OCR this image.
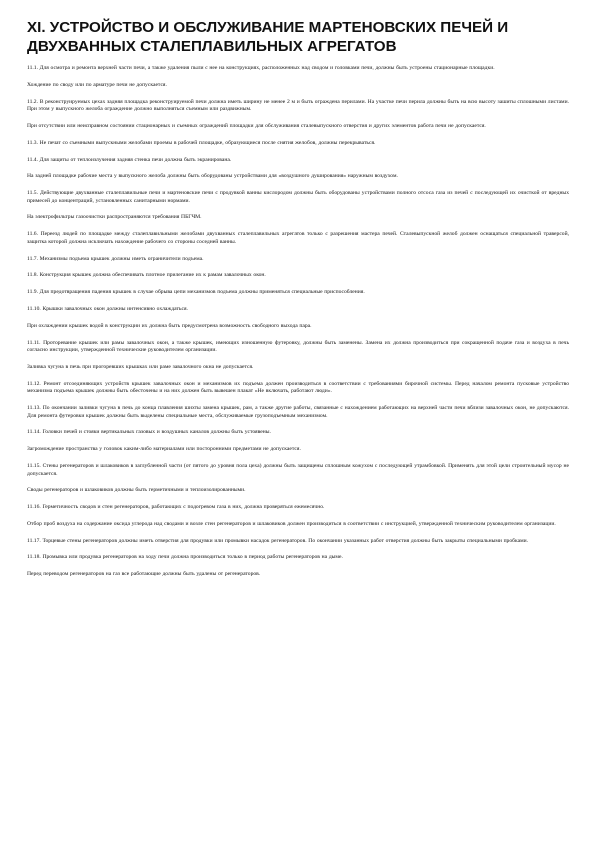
XI. УСТРОЙСТВО И ОБСЛУЖИВАНИЕ МАРТЕНОВСКИХ ПЕЧЕЙ И ДВУХВАННЫХ СТАЛЕПЛАВИЛЬНЫХ АГРЕГАТОВ

11.1. Для осмотра и ремонта верхней части печи, а также удаления пыли с нее на конструкциях, расположенных над сводом и головками печи, должны быть устроены стационарные площадки.

Хождение по своду или по арматуре печи не допускается.

11.2. В реконструируемых цехах задняя площадка реконструируемой печи должна иметь ширину не менее 2 м и быть ограждена перилами. На участке печи перила должны быть на всю высоту зашиты сплошными листами. При этом у выпускного желоба ограждение должно выполняться съемным или раздвижным.

При отсутствии или неисправном состоянии стационарных и съемных ограждений площадки для обслуживания сталевыпускного отверстия и других элементов работа печи не допускается.

11.3. Не печат со съемными выпускными желобами проемы в рабочей площадке, образующиеся после снятия желобов, должны перекрываться.

11.4. Для защиты от теплоизлучения задняя стенка печи должна быть экранирована.

На задней площадке рабочие места у выпускного желоба должны быть оборудованы устройствами для «воздушного душирования» наружным воздухом.

11.5. Действующие двухванные сталеплавильные печи и мартеновские печи с продувкой ванны кислородом должны быть оборудованы устройствами полного отсоса газа из печей с последующей их очисткой от вредных примесей до концентраций, установленных санитарными нормами.

На электрофильтры газоочистки распространяются требования ПБГЧМ.

11.6. Переезд людей по площадке между сталеплавильными желобами двухванных сталеплавильных агрегатов только с разрешения мастера печей. Сталевыпускной желоб должен оснащаться специальной траверсой, защитка которой должна исключать нахождение рабочего со стороны соседней ванны.

11.7. Механизмы подъема крышек должны иметь ограничители подъема.

11.8. Конструкция крышек должна обеспечивать плотное прилегание их к рамам завалочных окон.

11.9. Для предотвращения падения крышек в случае обрыва цепи механизмов подъема должны применяться специальные приспособления.

11.10. Крышки завалочных окон должны интенсивно охлаждаться.

При охлаждении крышек водой в конструкции их должна быть предусмотрена возможность свободного выхода пара.

11.11. Проторевание крышек или рамы завалочных окон, а также крышек, имеющих изношенную футеровку, должны быть заменены. Замена их должна производиться при сокращенной подаче газа и воздуха в печь согласно инструкции, утвержденной технические руководителем организации.

Заливка чугуна в печь при прогоревших крышках или раме завалочного окна не допускается.

11.12. Ремонт отсоединяющих устройств крышек завалочных окон и механизмов их подъема должен производиться в соответствии с требованиями бирочной системы. Перед началом ремонта пусковые устройство механизма подъема крышек должны быть обесточены и на них должен быть вывешен плакат «Не включать, работают люди».

11.13. По окончании заливки чугуна в печь до конца плавления шихты замена крышек, рам, а также другие работы, связанные с нахождением работающих на верхней части печи вблизи завалочных окон, не допускаются. Для ремонта футеровки крышек должны быть выделены специальные места, обслуживаемые грузоподъемным механизмом.

11.14. Головки печей и стояки вертикальных газовых и воздушных каналов должны быть устоявены.

Загромождение пространства у головок каким-либо материалами или посторонними предметами не допускается.

11.15. Стены регенераторов и шлаковиков в заглубленной части (от пятого до уровня пола цеха) должны быть защищены сплошным кожухом с последующей утрамбовкой. Применять для этой цели строительный мусор не допускается.

Своды регенераторов и шлаковиков должны быть герметичными и теплоизолированными.

11.16. Герметичность сводов и стен регенераторов, работающих с подогревом газа в них, должна проверяться ежемесячно.

Отбор проб воздуха на содержание оксида углерода над сводами и возле стен регенераторов и шлаковиков должен производиться в соответствии с инструкцией, утвержденной техническим руководителем организации.

11.17. Торцевые стены регенераторов должны иметь отверстия для продувки или промывки насадок регенераторов. По окончании указанных работ отверстия должны быть закрыты специальными пробками.

11.18. Промывка или продувка регенераторов на ходу печи должна производиться только в период работы регенераторов на дыме.

Перед переводом регенераторов на газ все работающие должны быть удалены от регенераторов.
